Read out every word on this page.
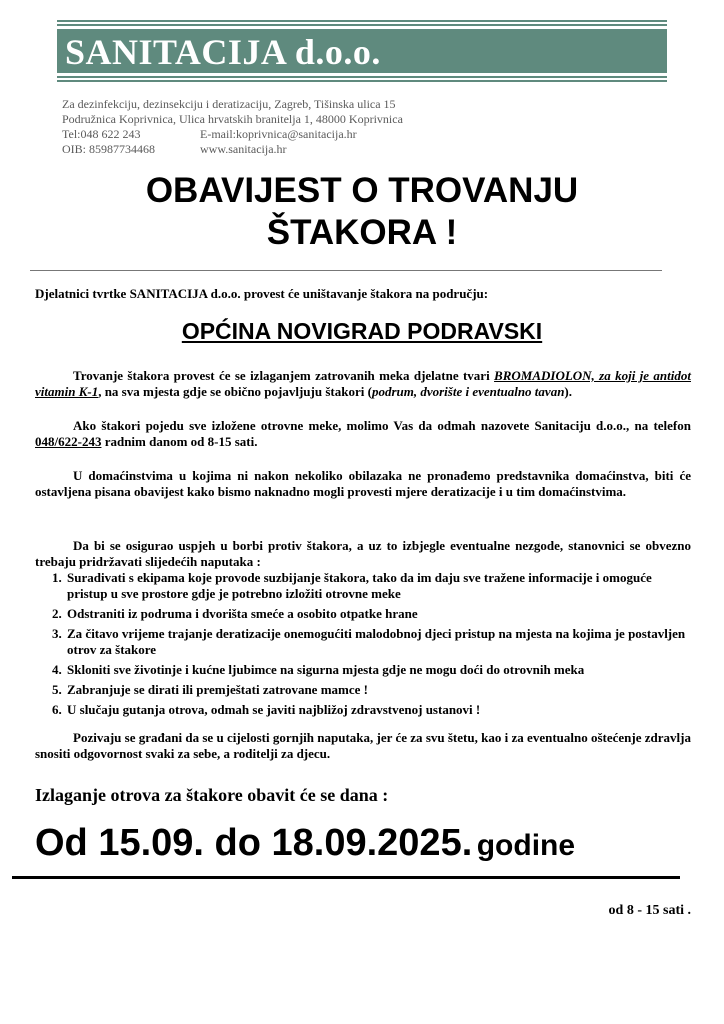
SANITACIJA d.o.o.
Za dezinfekciju, dezinsekciju i deratizaciju, Zagreb, Tišinska ulica 15
Podružnica Koprivnica, Ulica hrvatskih branitelja 1, 48000 Koprivnica
Tel:048 622 243	E-mail:koprivnica@sanitacija.hr
OIB: 85987734468	www.sanitacija.hr
OBAVIJEST O TROVANJU
ŠTAKORA !
Djelatnici tvrtke SANITACIJA d.o.o. provest će uništavanje štakora na području:
OPĆINA NOVIGRAD PODRAVSKI
Trovanje štakora provest će se izlaganjem zatrovanih meka djelatne tvari BROMADIOLON, za koji je antidot vitamin K-1, na sva mjesta gdje se obično pojavljuju štakori (podrum, dvorište i eventualno tavan).
Ako štakori pojedu sve izložene otrovne meke, molimo Vas da odmah nazovete Sanitaciju d.o.o., na telefon 048/622-243 radnim danom od 8-15 sati.
U domaćinstvima u kojima ni nakon nekoliko obilazaka ne pronađemo predstavnika domaćinstva, biti će ostavljena pisana obavijest kako bismo naknadno mogli provesti mjere deratizacije i u tim domaćinstvima.
Da bi se osigurao uspjeh u borbi protiv štakora, a uz to izbjegle eventualne nezgode, stanovnici se obvezno trebaju pridržavati slijedećih naputaka :
1. Suradivati s ekipama koje provode suzbijanje štakora, tako da im daju sve tražene informacije i omogućе pristup u sve prostore gdje je potrebno izložiti otrovne meke
2. Odstraniti iz podruma i dvorišta smeće a osobito otpatke hrane
3. Za čitavo vrijeme trajanje deratizacije onemogućiti malodobnoj djeci pristup na mjesta na kojima je postavljen otrov za štakore
4. Skloniti sve životinje i kućne ljubimce na sigurna mjesta gdje ne mogu doći do otrovnih meka
5. Zabranjuje se dirati ili premještati zatrovane mamce !
6. U slučaju gutanja otrova, odmah se javiti najbližoj zdravstvenoj ustanovi !
Pozivaju se građani da se u cijelosti gornjih naputaka, jer će za svu štetu, kao i za eventualno oštećenje zdravlja snositi odgovornost svaki za sebe, a roditelji za djecu.
Izlaganje otrova za štakore obavit će se dana :
Od 15.09. do 18.09.2025. godine
od 8 - 15 sati .
